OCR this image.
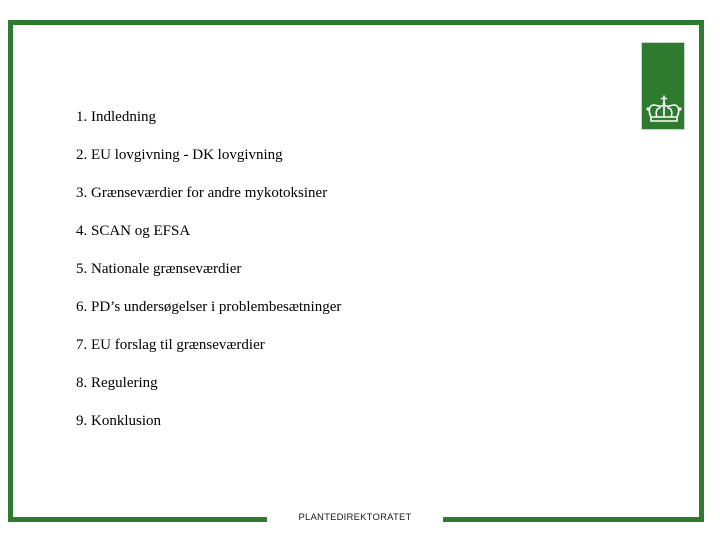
1. Indledning
2. EU lovgivning - DK lovgivning
3. Grænseværdier for andre mykotoksiner
4. SCAN og EFSA
5. Nationale grænseværdier
6. PD’s undersøgelser i problembesætninger
7. EU forslag til grænseværdier
8. Regulering
9. Konklusion
PLANTEDIREKTORATET
